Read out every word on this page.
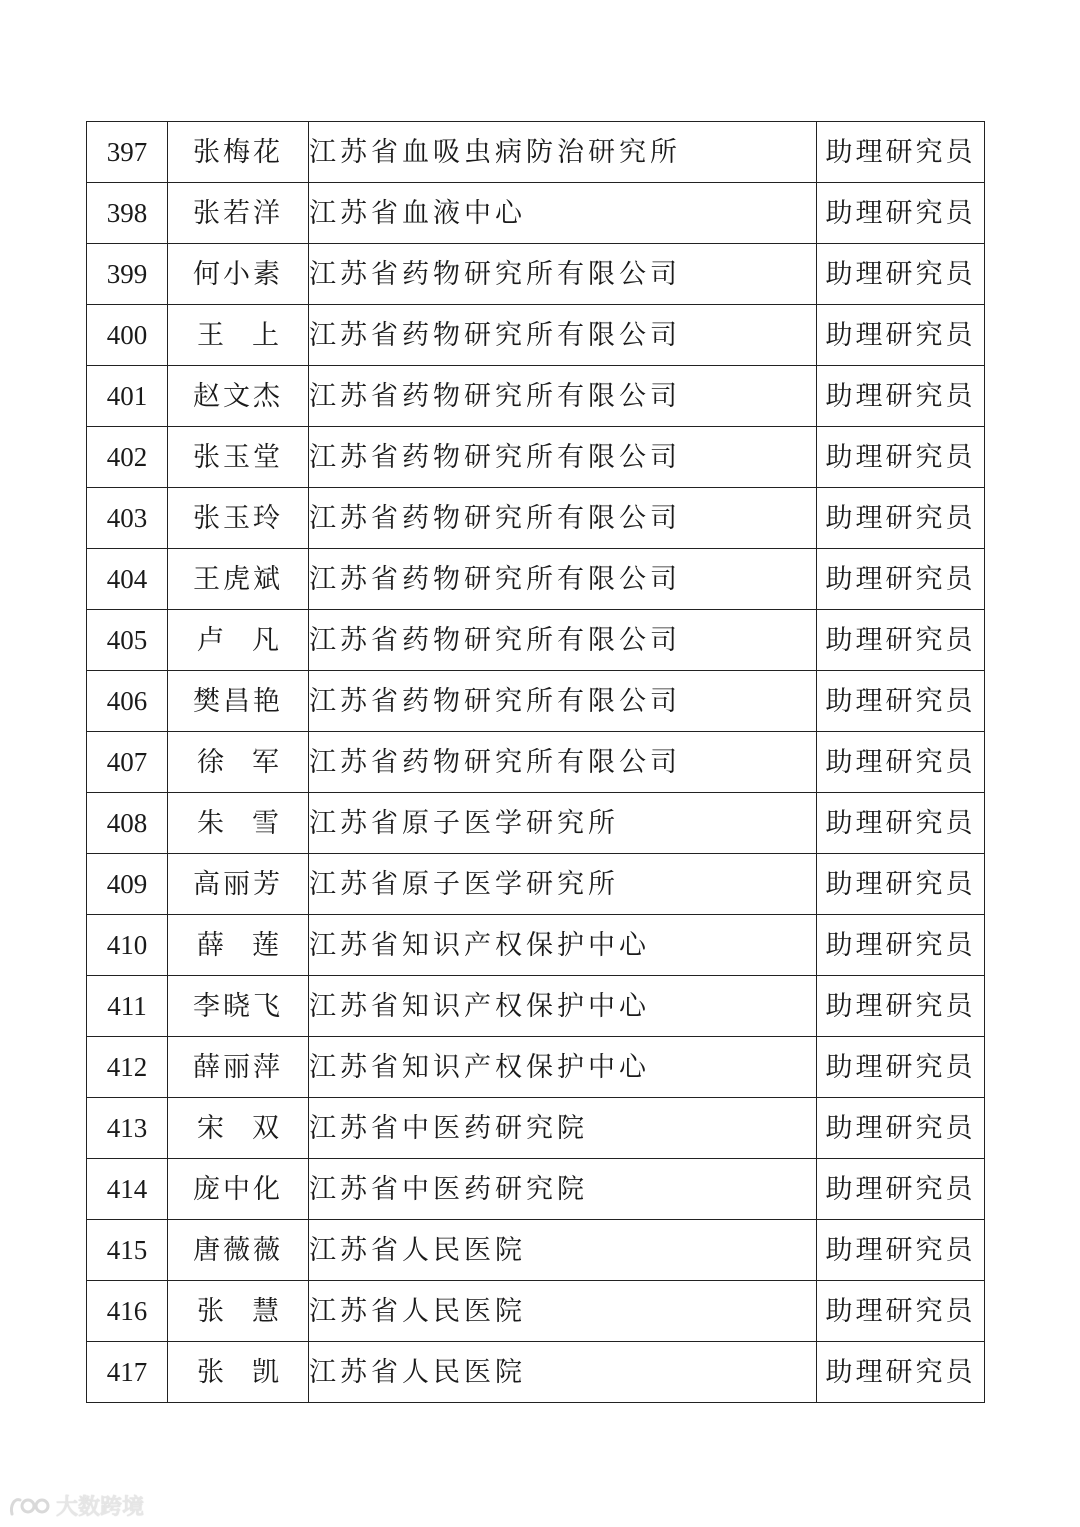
397	张梅花	江苏省血吸虫病防治研究所	助理研究员
398	张若洋	江苏省血液中心	助理研究员
399	何小素	江苏省药物研究所有限公司	助理研究员
400	王上	江苏省药物研究所有限公司	助理研究员
401	赵文杰	江苏省药物研究所有限公司	助理研究员
402	张玉堂	江苏省药物研究所有限公司	助理研究员
403	张玉玲	江苏省药物研究所有限公司	助理研究员
404	王虎斌	江苏省药物研究所有限公司	助理研究员
405	卢凡	江苏省药物研究所有限公司	助理研究员
406	樊昌艳	江苏省药物研究所有限公司	助理研究员
407	徐军	江苏省药物研究所有限公司	助理研究员
408	朱雪	江苏省原子医学研究所	助理研究员
409	高丽芳	江苏省原子医学研究所	助理研究员
410	薛莲	江苏省知识产权保护中心	助理研究员
411	李晓飞	江苏省知识产权保护中心	助理研究员
412	薛丽萍	江苏省知识产权保护中心	助理研究员
413	宋双	江苏省中医药研究院	助理研究员
414	庞中化	江苏省中医药研究院	助理研究员
415	唐薇薇	江苏省人民医院	助理研究员
416	张慧	江苏省人民医院	助理研究员
417	张凯	江苏省人民医院	助理研究员
大数跨境
